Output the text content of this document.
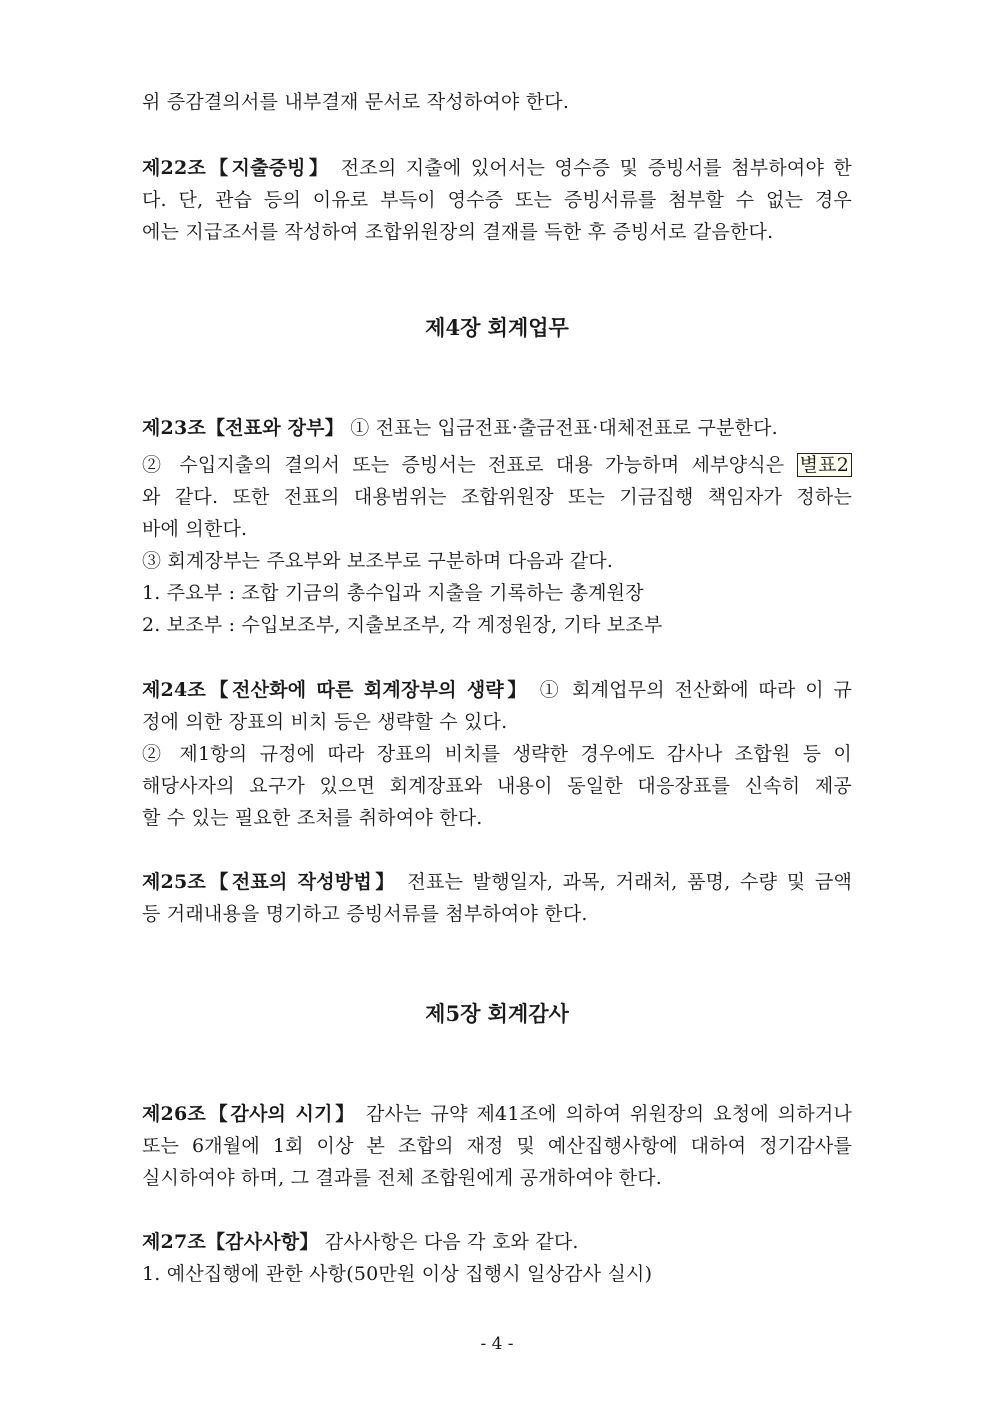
위 증감결의서를 내부결재 문서로 작성하여야 한다.
제22조【지출증빙】 전조의 지출에 있어서는 영수증 및 증빙서를 첨부하여야 한
다. 단, 관습 등의 이유로 부득이 영수증 또는 증빙서류를 첨부할 수 없는 경우
에는 지급조서를 작성하여 조합위원장의 결재를 득한 후 증빙서로 갈음한다.
제4장 회계업무
제23조【전표와 장부】 ① 전표는 입금전표·출금전표·대체전표로 구분한다.
② 수입지출의 결의서 또는 증빙서는 전표로 대용 가능하며 세부양식은 별표2
와 같다. 또한 전표의 대용범위는 조합위원장 또는 기금집행 책임자가 정하는
바에 의한다.
③ 회계장부는 주요부와 보조부로 구분하며 다음과 같다.
1. 주요부 : 조합 기금의 총수입과 지출을 기록하는 총계원장
2. 보조부 : 수입보조부, 지출보조부, 각 계정원장, 기타 보조부
제24조【전산화에 따른 회계장부의 생략】 ① 회계업무의 전산화에 따라 이 규
정에 의한 장표의 비치 등은 생략할 수 있다.
② 제1항의 규정에 따라 장표의 비치를 생략한 경우에도 감사나 조합원 등 이
해당사자의 요구가 있으면 회계장표와 내용이 동일한 대응장표를 신속히 제공
할 수 있는 필요한 조처를 취하여야 한다.
제25조【전표의 작성방법】 전표는 발행일자, 과목, 거래처, 품명, 수량 및 금액
등 거래내용을 명기하고 증빙서류를 첨부하여야 한다.
제5장 회계감사
제26조【감사의 시기】 감사는 규약 제41조에 의하여 위원장의 요청에 의하거나
또는 6개월에 1회 이상 본 조합의 재정 및 예산집행사항에 대하여 정기감사를
실시하여야 하며, 그 결과를 전체 조합원에게 공개하여야 한다.
제27조【감사사항】 감사사항은 다음 각 호와 같다.
1. 예산집행에 관한 사항(50만원 이상 집행시 일상감사 실시)
- 4 -
